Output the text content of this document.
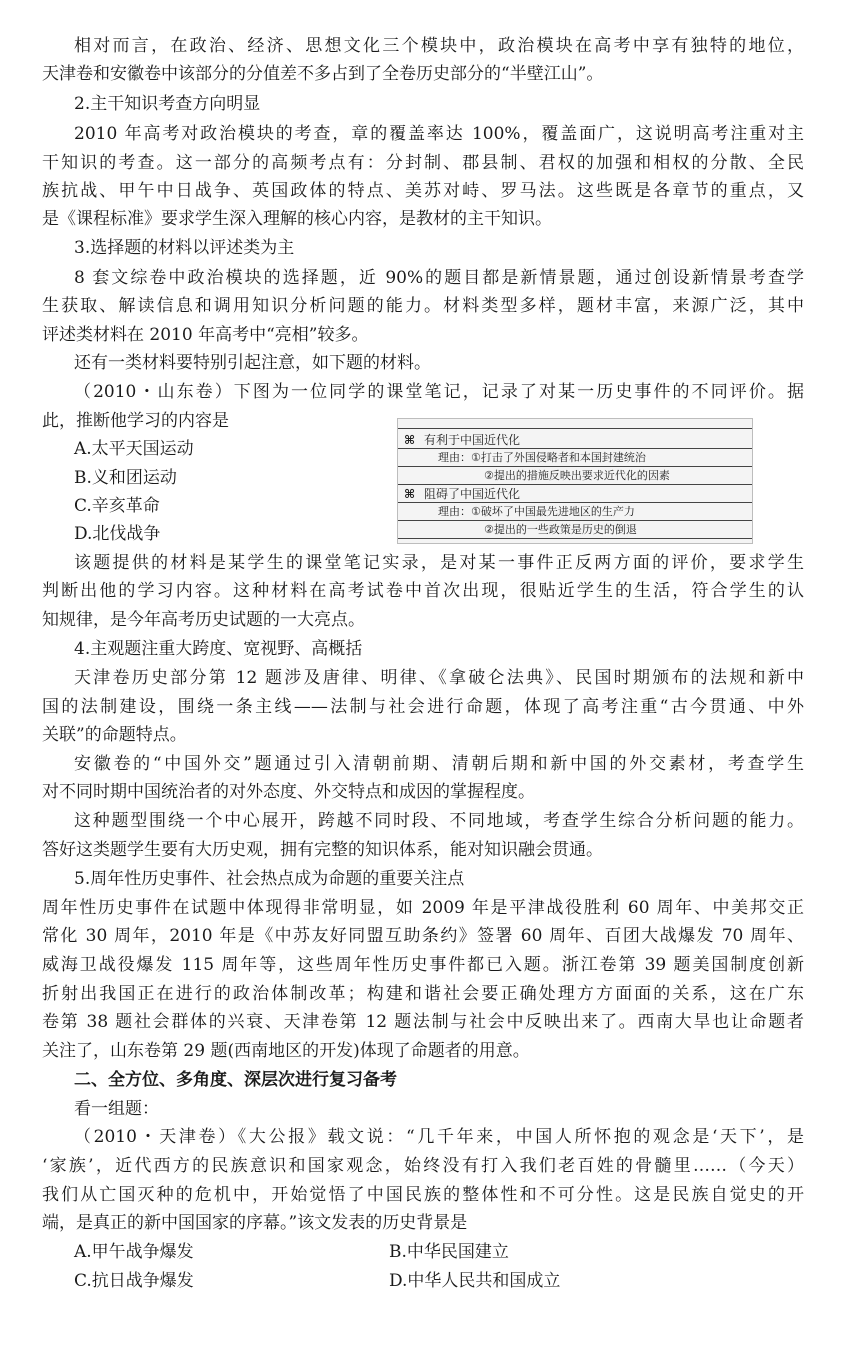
相对而言，在政治、经济、思想文化三个模块中，政治模块在高考中享有独特的地位，
天津卷和安徽卷中该部分的分值差不多占到了全卷历史部分的“半壁江山”。
2.主干知识考查方向明显
2010 年高考对政治模块的考查，章的覆盖率达 100%，覆盖面广，这说明高考注重对主
干知识的考查。这一部分的高频考点有：分封制、郡县制、君权的加强和相权的分散、全民
族抗战、甲午中日战争、英国政体的特点、美苏对峙、罗马法。这些既是各章节的重点，又
是《课程标准》要求学生深入理解的核心内容，是教材的主干知识。
3.选择题的材料以评述类为主
8 套文综卷中政治模块的选择题，近 90%的题目都是新情景题，通过创设新情景考查学
生获取、解读信息和调用知识分析问题的能力。材料类型多样，题材丰富，来源广泛，其中
评述类材料在 2010 年高考中“亮相”较多。
还有一类材料要特别引起注意，如下题的材料。
（2010・山东卷）下图为一位同学的课堂笔记，记录了对某一历史事件的不同评价。据
此，推断他学习的内容是
A.太平天国运动
B.义和团运动
C.辛亥革命
D.北伐战争
⌘ 有利于中国近代化
理由：①打击了外国侵略者和本国封建统治
②提出的措施反映出要求近代化的因素
⌘ 阻碍了中国近代化
理由：①破坏了中国最先进地区的生产力
②提出的一些政策是历史的倒退
该题提供的材料是某学生的课堂笔记实录，是对某一事件正反两方面的评价，要求学生
判断出他的学习内容。这种材料在高考试卷中首次出现，很贴近学生的生活，符合学生的认
知规律，是今年高考历史试题的一大亮点。
4.主观题注重大跨度、宽视野、高概括
天津卷历史部分第 12 题涉及唐律、明律、《拿破仑法典》、民国时期颁布的法规和新中
国的法制建设，围绕一条主线——法制与社会进行命题，体现了高考注重“古今贯通、中外
关联”的命题特点。
安徽卷的“中国外交”题通过引入清朝前期、清朝后期和新中国的外交素材，考查学生
对不同时期中国统治者的对外态度、外交特点和成因的掌握程度。
这种题型围绕一个中心展开，跨越不同时段、不同地域，考查学生综合分析问题的能力。
答好这类题学生要有大历史观，拥有完整的知识体系，能对知识融会贯通。
5.周年性历史事件、社会热点成为命题的重要关注点
周年性历史事件在试题中体现得非常明显，如 2009 年是平津战役胜利 60 周年、中美邦交正
常化 30 周年，2010 年是《中苏友好同盟互助条约》签署 60 周年、百团大战爆发 70 周年、
威海卫战役爆发 115 周年等，这些周年性历史事件都已入题。浙江卷第 39 题美国制度创新
折射出我国正在进行的政治体制改革；构建和谐社会要正确处理方方面面的关系，这在广东
卷第 38 题社会群体的兴衰、天津卷第 12 题法制与社会中反映出来了。西南大旱也让命题者
关注了，山东卷第 29 题(西南地区的开发)体现了命题者的用意。
二、全方位、多角度、深层次进行复习备考
看一组题：
（2010・天津卷）《大公报》载文说：“几千年来，中国人所怀抱的观念是‘天下’，是
‘家族’，近代西方的民族意识和国家观念，始终没有打入我们老百姓的骨髓里……（今天）
我们从亡国灭种的危机中，开始觉悟了中国民族的整体性和不可分性。这是民族自觉史的开
端，是真正的新中国国家的序幕。”该文发表的历史背景是
A.甲午战争爆发	B.中华民国建立
C.抗日战争爆发	D.中华人民共和国成立
